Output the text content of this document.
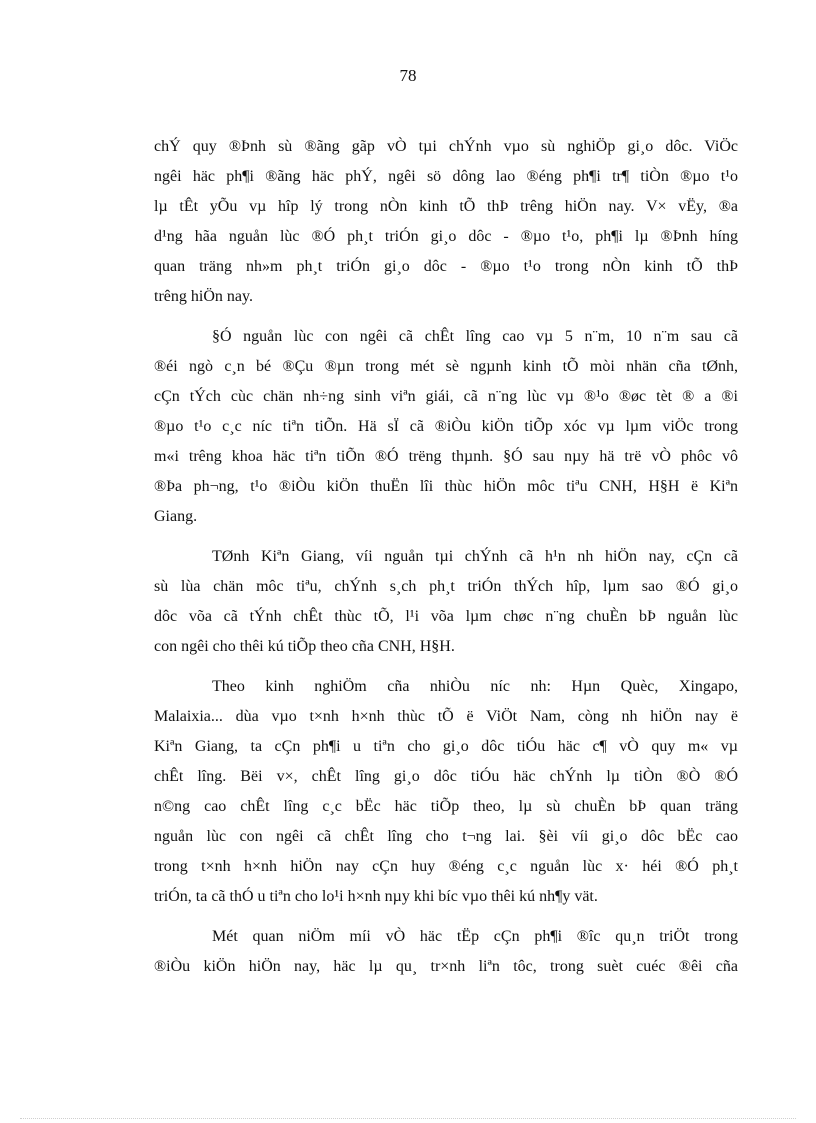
78
chÝ quy ®Þnh sù ®ãng gãp vÒ tµi chÝnh vµo sù nghiÖp gi¸o dôc. ViÖc
ngêi häc ph¶i ®ãng häc phÝ, ngêi sö dông lao ®éng ph¶i tr¶ tiÒn ®µo t¹o
lµ tÊt yÕu vµ hîp lý trong nÒn kinh tÕ thÞ trêng hiÖn nay. V× vËy, ®a
d¹ng hãa nguån lùc ®Ó ph¸t triÓn gi¸o dôc - ®µo t¹o, ph¶i lµ ®Þnh híng
quan träng nh»m ph¸t triÓn gi¸o dôc - ®µo t¹o trong nÒn kinh tÕ thÞ
trêng hiÖn nay.
§Ó nguån lùc con ngêi cã chÊt lîng cao vµ 5 n¨m, 10 n¨m sau cã
®éi ngò c¸n bé ®Çu ®µn trong mét sè ngµnh kinh tÕ mòi nhän cña tØnh,
cÇn tÝch cùc chän nh÷ng sinh viªn giái, cã n¨ng lùc vµ ®¹o ®øc tèt ® a ®i
®µo t¹o c¸c níc tiªn tiÕn. Hä sÏ cã ®iÒu kiÖn tiÕp xóc vµ lµm viÖc trong
m«i trêng khoa häc tiªn tiÕn ®Ó trëng thµnh. §Ó sau nµy hä trë vÒ phôc vô
®Þa ph¬ng, t¹o ®iÒu kiÖn thuËn lîi thùc hiÖn môc tiªu CNH, H§H ë Kiªn
Giang.
TØnh Kiªn Giang, víi nguån tµi chÝnh cã h¹n nh hiÖn nay, cÇn cã
sù lùa chän môc tiªu, chÝnh s¸ch ph¸t triÓn thÝch hîp, lµm sao ®Ó gi¸o
dôc võa cã tÝnh chÊt thùc tÕ, l¹i võa lµm chøc n¨ng chuÈn bÞ nguån lùc
con ngêi cho thêi kú tiÕp theo cña CNH, H§H.
Theo kinh nghiÖm cña nhiÒu níc nh: Hµn Quèc, Xingapo,
Malaixia... dùa vµo t×nh h×nh thùc tÕ ë ViÖt Nam, còng nh hiÖn nay ë
Kiªn Giang, ta cÇn ph¶i u tiªn cho gi¸o dôc tiÓu häc c¶ vÒ quy m« vµ
chÊt lîng. Bëi v×, chÊt lîng gi¸o dôc tiÓu häc chÝnh lµ tiÒn ®Ò ®Ó
n©ng cao chÊt lîng c¸c bËc häc tiÕp theo, lµ sù chuÈn bÞ quan träng
nguån lùc con ngêi cã chÊt lîng cho t¬ng lai. §èi víi gi¸o dôc bËc cao
trong t×nh h×nh hiÖn nay cÇn huy ®éng c¸c nguån lùc x· héi ®Ó ph¸t
triÓn, ta cã thÓ u tiªn cho lo¹i h×nh nµy khi bíc vµo thêi kú nh¶y vät.
Mét quan niÖm míi vÒ häc tËp cÇn ph¶i ®îc qu¸n triÖt trong
®iÒu kiÖn hiÖn nay, häc lµ qu¸ tr×nh liªn tôc, trong suèt cuéc ®êi cña
